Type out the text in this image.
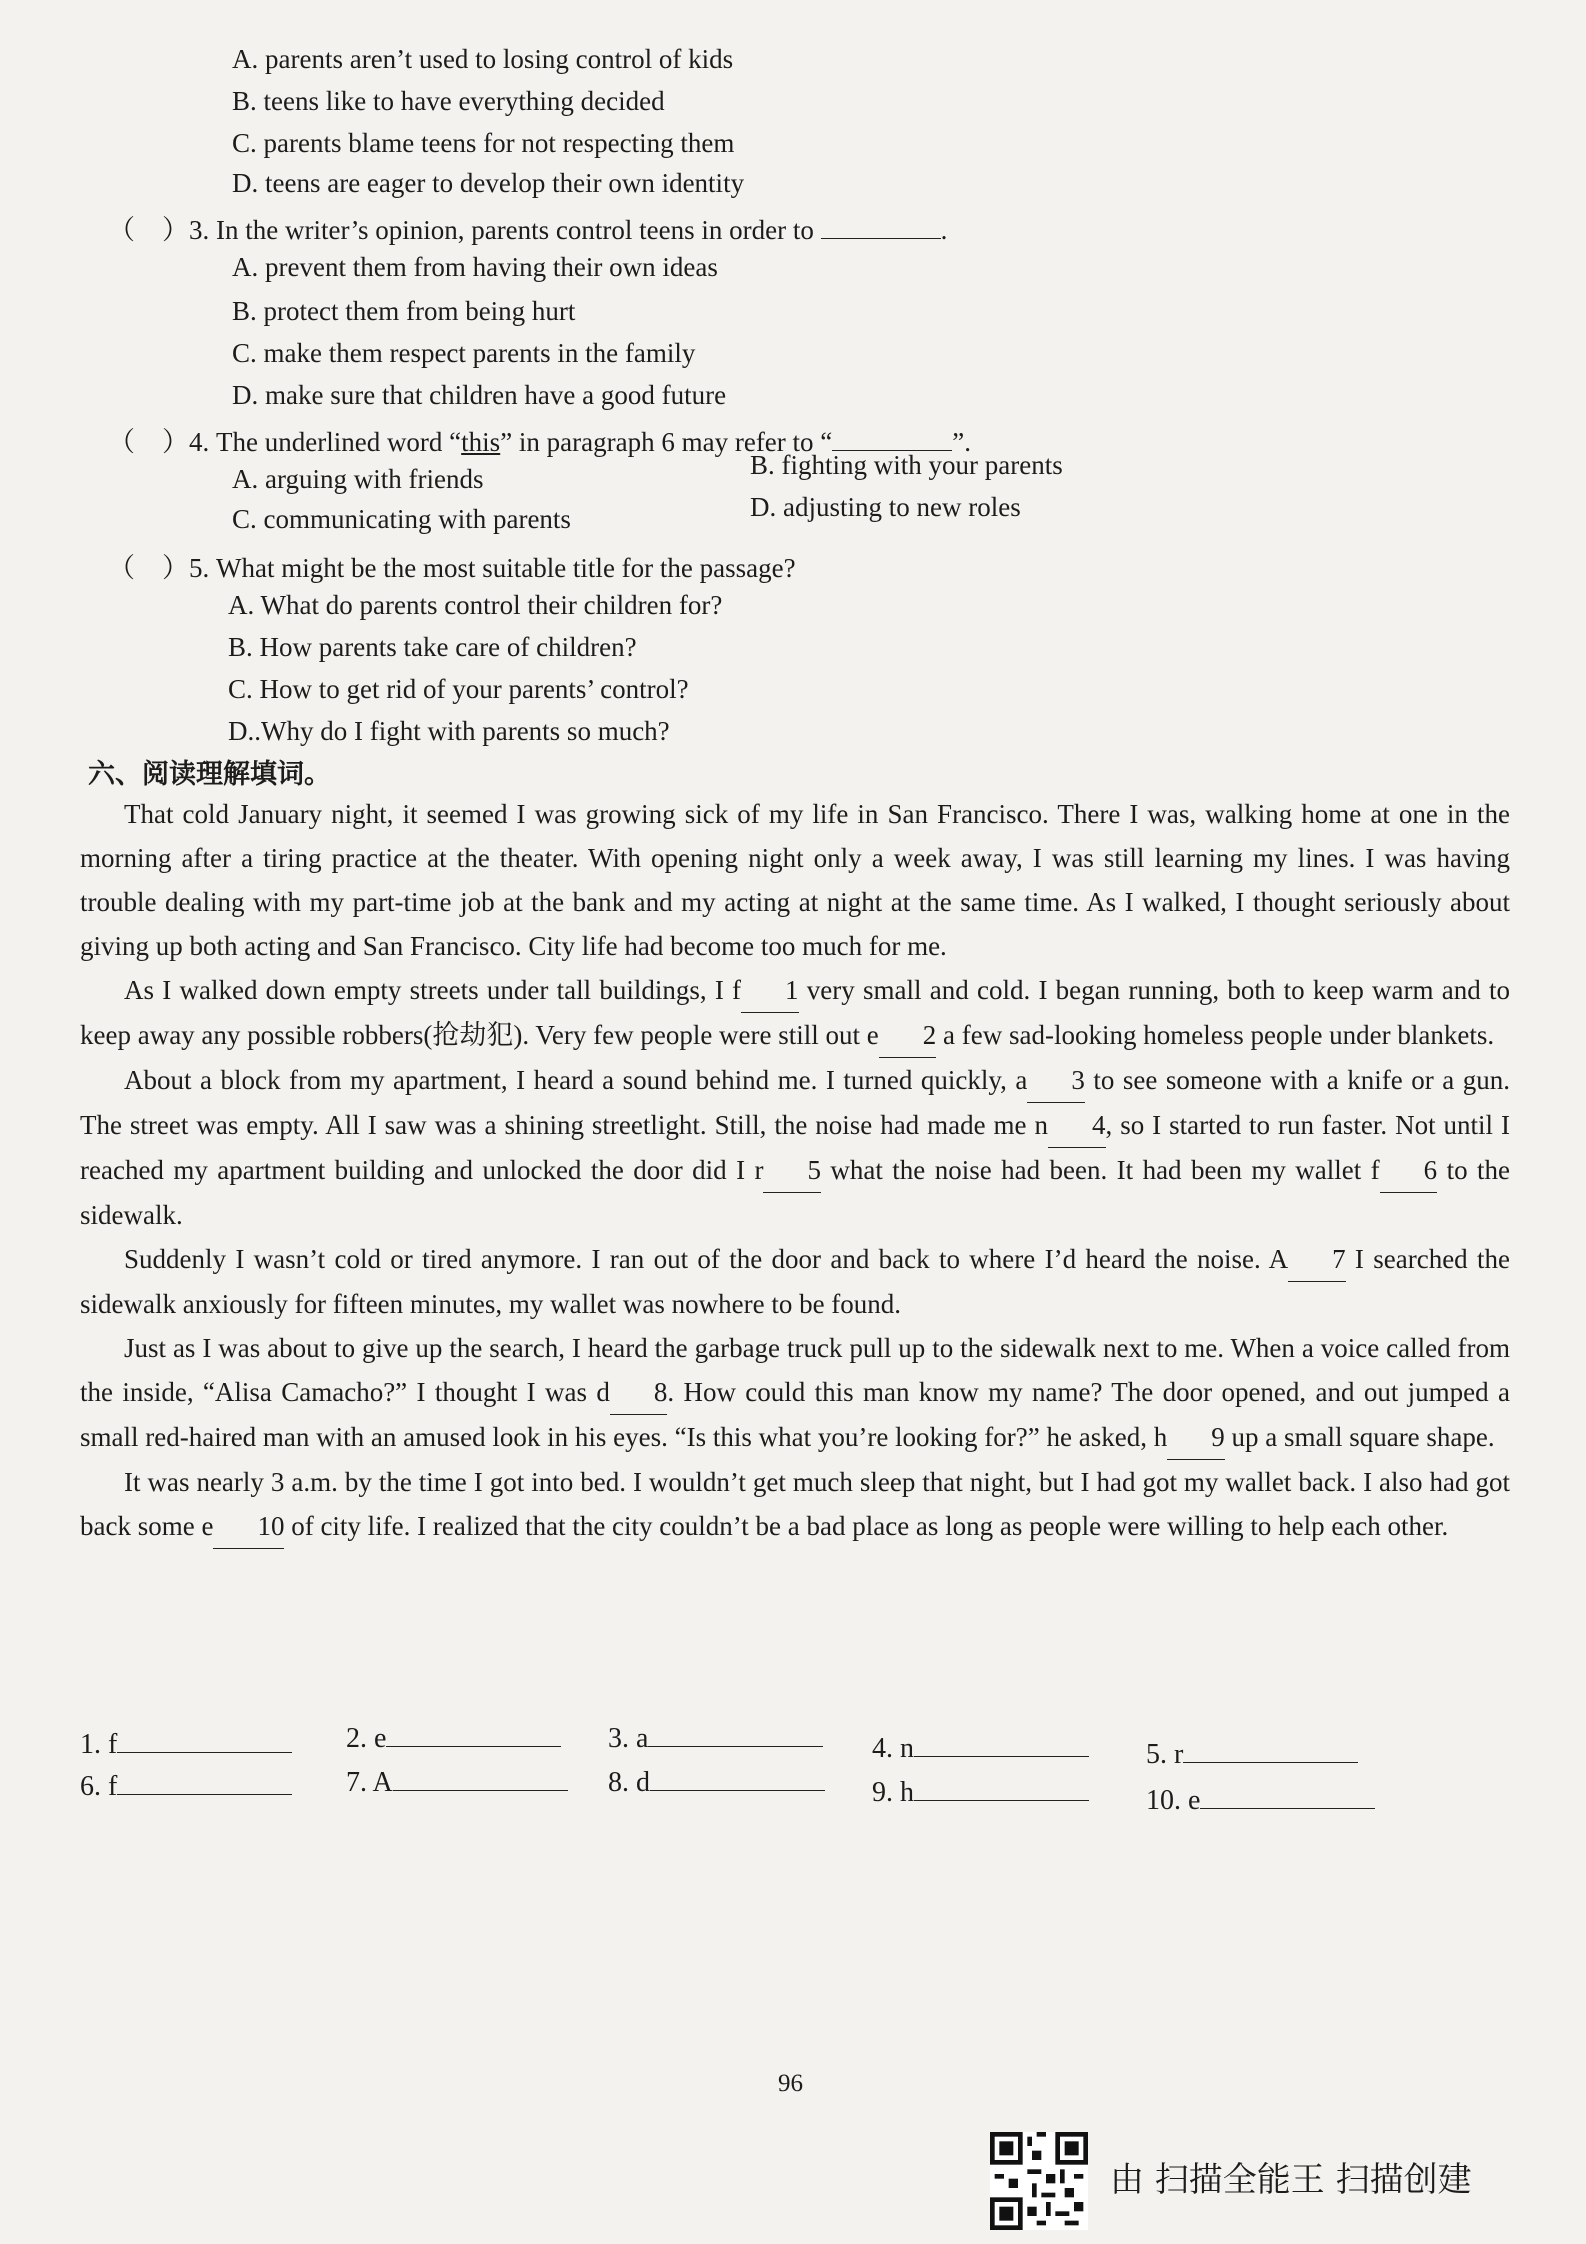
A. parents aren’t used to losing control of kids
B. teens like to have everything decided
C. parents blame teens for not respecting them
D. teens are eager to develop their own identity
（　）3. In the writer’s opinion, parents control teens in order to	.
A. prevent them from having their own ideas
B. protect them from being hurt
C. make them respect parents in the family
D. make sure that children have a good future
（　）4. The underlined word “this” in paragraph 6 may refer to “	”.
A. arguing with friends	B. fighting with your parents
C. communicating with parents	D. adjusting to new roles
（　）5. What might be the most suitable title for the passage?
A. What do parents control their children for?
B. How parents take care of children?
C. How to get rid of your parents’ control?
D..Why do I fight with parents so much?
六、阅读理解填词。

That cold January night, it seemed I was growing sick of my life in San Francisco. There I was, walking home at one in the morning after a tiring practice at the theater. With opening night only a week away, I was still learning my lines. I was having trouble dealing with my part-time job at the bank and my acting at night at the same time. As I walked, I thought seriously about giving up both acting and San Francisco. City life had become too much for me.

As I walked down empty streets under tall buildings, I f 1 very small and cold. I began running, both to keep warm and to keep away any possible robbers(抢劫犯). Very few people were still out e 2 a few sad-looking homeless people under blankets.

About a block from my apartment, I heard a sound behind me. I turned quickly, a 3 to see someone with a knife or a gun. The street was empty. All I saw was a shining streetlight. Still, the noise had made me n 4, so I started to run faster. Not until I reached my apartment building and unlocked the door did I r 5 what the noise had been. It had been my wallet f 6 to the sidewalk.

Suddenly I wasn’t cold or tired anymore. I ran out of the door and back to where I’d heard the noise. A 7 I searched the sidewalk anxiously for fifteen minutes, my wallet was nowhere to be found.

Just as I was about to give up the search, I heard the garbage truck pull up to the sidewalk next to me. When a voice called from the inside, “Alisa Camacho?” I thought I was d 8. How could this man know my name? The door opened, and out jumped a small red-haired man with an amused look in his eyes. “Is this what you’re looking for?” he asked, h 9 up a small square shape.

It was nearly 3 a.m. by the time I got into bed. I wouldn’t get much sleep that night, but I had got my wallet back. I also had got back some e 10 of city life. I realized that the city couldn’t be a bad place as long as people were willing to help each other.

1. f	2. e	3. a	4. n	5. r
6. f	7. A	8. d	9. h	10. e
96
由 扫描全能王 扫描创建
